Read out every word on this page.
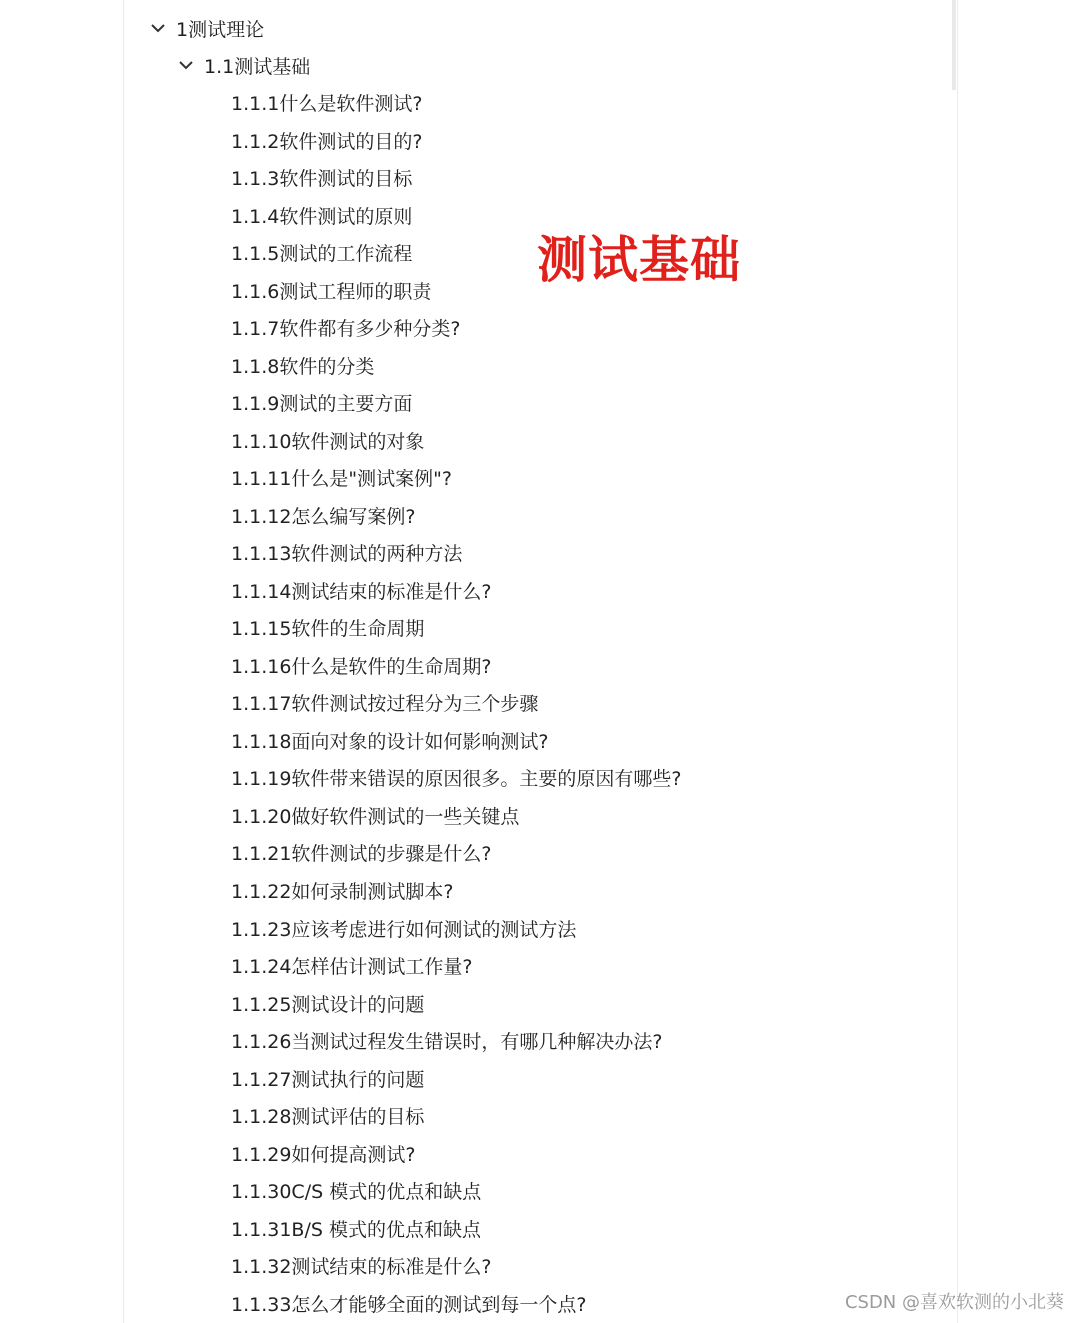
1测试理论
1.1测试基础
1.1.1什么是软件测试?
1.1.2软件测试的目的?
1.1.3软件测试的目标
1.1.4软件测试的原则
1.1.5测试的工作流程
1.1.6测试工程师的职责
1.1.7软件都有多少种分类?
1.1.8软件的分类
1.1.9测试的主要方面
1.1.10软件测试的对象
1.1.11什么是"测试案例"?
1.1.12怎么编写案例?
1.1.13软件测试的两种方法
1.1.14测试结束的标准是什么?
1.1.15软件的生命周期
1.1.16什么是软件的生命周期?
1.1.17软件测试按过程分为三个步骤
1.1.18面向对象的设计如何影响测试?
1.1.19软件带来错误的原因很多。主要的原因有哪些?
1.1.20做好软件测试的一些关键点
1.1.21软件测试的步骤是什么?
1.1.22如何录制测试脚本?
1.1.23应该考虑进行如何测试的测试方法
1.1.24怎样估计测试工作量?
1.1.25测试设计的问题
1.1.26当测试过程发生错误时，有哪几种解决办法?
1.1.27测试执行的问题
1.1.28测试评估的目标
1.1.29如何提高测试?
1.1.30C/S 模式的优点和缺点
1.1.31B/S 模式的优点和缺点
1.1.32测试结束的标准是什么?
1.1.33怎么才能够全面的测试到每一个点?
测试基础
CSDN @喜欢软测的小北葵
